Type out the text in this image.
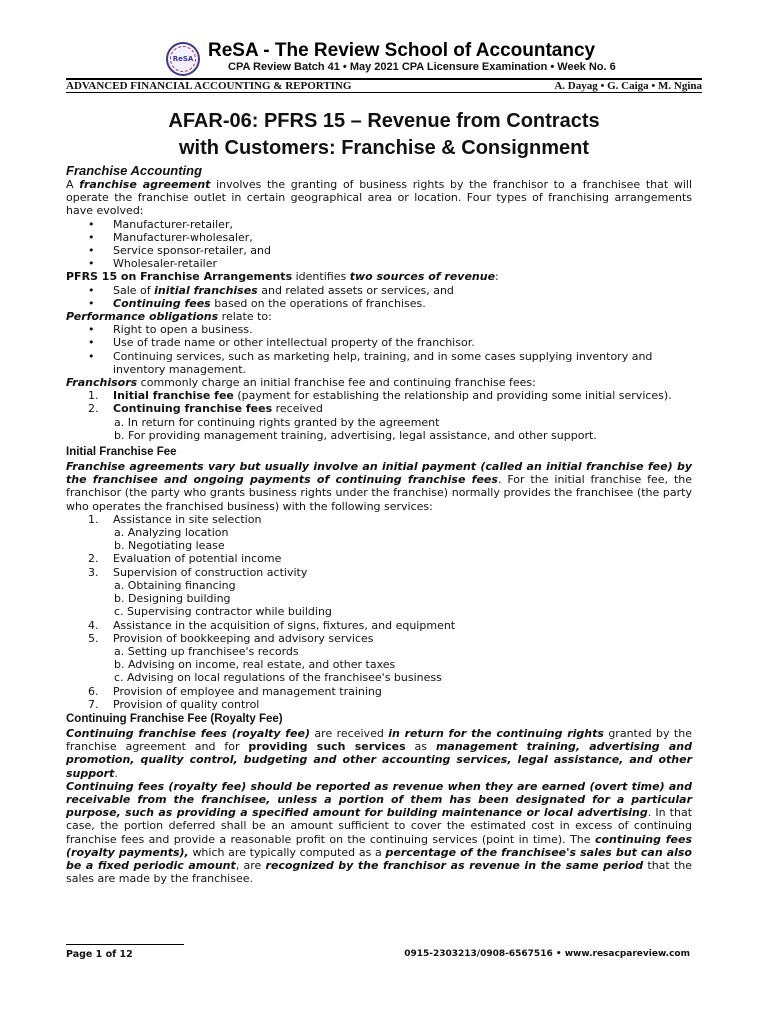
ReSA ReSA - The Review School of Accountancy
CPA Review Batch 41 • May 2021 CPA Licensure Examination • Week No. 6
ADVANCED FINANCIAL ACCOUNTING & REPORTING	A. Dayag • G. Caiga • M. Ngina
AFAR-06: PFRS 15 – Revenue from Contracts
with Customers: Franchise & Consignment
Franchise Accounting

A franchise agreement involves the granting of business rights by the franchisor to a franchisee that will operate the franchise outlet in certain geographical area or location. Four types of franchising arrangements have evolved:

• Manufacturer-retailer,
• Manufacturer-wholesaler,
• Service sponsor-retailer, and
• Wholesaler-retailer

PFRS 15 on Franchise Arrangements identifies two sources of revenue:

• Sale of initial franchises and related assets or services, and
• Continuing fees based on the operations of franchises.

Performance obligations relate to:

• Right to open a business.
• Use of trade name or other intellectual property of the franchisor.
• Continuing services, such as marketing help, training, and in some cases supplying inventory and inventory management.

Franchisors commonly charge an initial franchise fee and continuing franchise fees:

1. Initial franchise fee (payment for establishing the relationship and providing some initial services).
2. Continuing franchise fees received
a. In return for continuing rights granted by the agreement
b. For providing management training, advertising, legal assistance, and other support.
Initial Franchise Fee

Franchise agreements vary but usually involve an initial payment (called an initial franchise fee) by the franchisee and ongoing payments of continuing franchise fees. For the initial franchise fee, the franchisor (the party who grants business rights under the franchise) normally provides the franchisee (the party who operates the franchised business) with the following services:

1. Assistance in site selection
a. Analyzing location
b. Negotiating lease
2. Evaluation of potential income
3. Supervision of construction activity
a. Obtaining financing
b. Designing building
c. Supervising contractor while building
4. Assistance in the acquisition of signs, fixtures, and equipment
5. Provision of bookkeeping and advisory services
a. Setting up franchisee's records
b. Advising on income, real estate, and other taxes
c. Advising on local regulations of the franchisee's business
6. Provision of employee and management training
7. Provision of quality control
Continuing Franchise Fee (Royalty Fee)

Continuing franchise fees (royalty fee) are received in return for the continuing rights granted by the franchise agreement and for providing such services as management training, advertising and promotion, quality control, budgeting and other accounting services, legal assistance, and other support.

Continuing fees (royalty fee) should be reported as revenue when they are earned (overt time) and receivable from the franchisee, unless a portion of them has been designated for a particular purpose, such as providing a specified amount for building maintenance or local advertising. In that case, the portion deferred shall be an amount sufficient to cover the estimated cost in excess of continuing franchise fees and provide a reasonable profit on the continuing services (point in time). The continuing fees (royalty payments), which are typically computed as a percentage of the franchisee's sales but can also be a fixed periodic amount, are recognized by the franchisor as revenue in the same period that the sales are made by the franchisee.

Page 1 of 12	0915-2303213/0908-6567516 • www.resacpareview.com
